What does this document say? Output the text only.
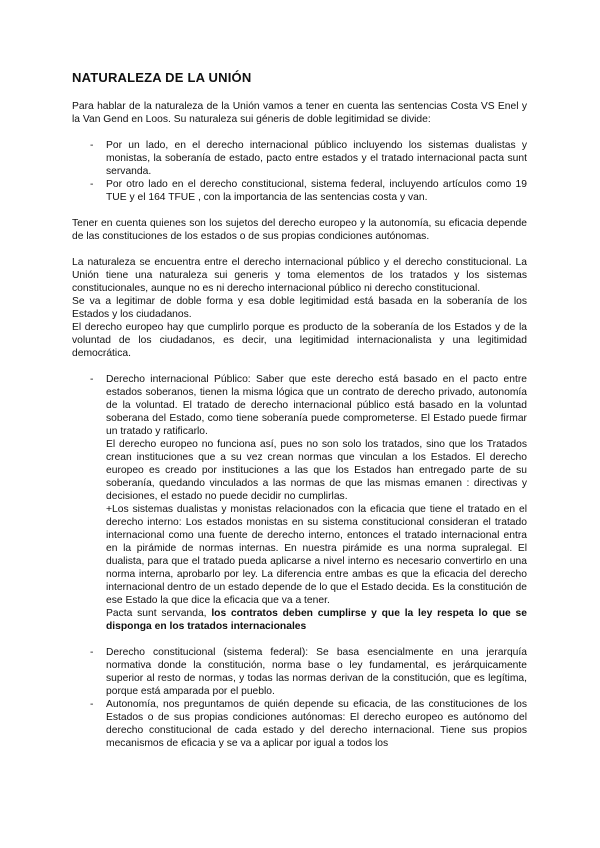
NATURALEZA DE LA UNIÓN

Para hablar de la naturaleza de la Unión vamos a tener en cuenta las sentencias Costa VS Enel y la Van Gend en Loos. Su naturaleza sui géneris de doble legitimidad se divide:

- Por un lado, en el derecho internacional público incluyendo los sistemas dualistas y monistas, la soberanía de estado, pacto entre estados y el tratado internacional pacta sunt servanda.
- Por otro lado en el derecho constitucional, sistema federal, incluyendo artículos como 19 TUE y el 164 TFUE , con la importancia de las sentencias costa y van.

Tener en cuenta quienes son los sujetos del derecho europeo y la autonomía, su eficacia depende de las constituciones de los estados o de sus propias condiciones autónomas.

La naturaleza se encuentra entre el derecho internacional público y el derecho constitucional. La Unión tiene una naturaleza sui generis y toma elementos de los tratados y los sistemas constitucionales, aunque no es ni derecho internacional público ni derecho constitucional.

Se va a legitimar de doble forma y esa doble legitimidad está basada en la soberanía de los Estados y los ciudadanos.

El derecho europeo hay que cumplirlo porque es producto de la soberanía de los Estados y de la voluntad de los ciudadanos, es decir, una legitimidad internacionalista y una legitimidad democrática.

- Derecho internacional Público: Saber que este derecho está basado en el pacto entre estados soberanos, tienen la misma lógica que un contrato de derecho privado, autonomía de la voluntad. El tratado de derecho internacional público está basado en la voluntad soberana del Estado, como tiene soberanía puede comprometerse. El Estado puede firmar un tratado y ratificarlo.

El derecho europeo no funciona así, pues no son solo los tratados, sino que los Tratados crean instituciones que a su vez crean normas que vinculan a los Estados. El derecho europeo es creado por instituciones a las que los Estados han entregado parte de su soberanía, quedando vinculados a las normas de que las mismas emanen : directivas y decisiones, el estado no puede decidir no cumplirlas.

+Los sistemas dualistas y monistas relacionados con la eficacia que tiene el tratado en el derecho interno: Los estados monistas en su sistema constitucional consideran el tratado internacional como una fuente de derecho interno, entonces el tratado internacional entra en la pirámide de normas internas. En nuestra pirámide es una norma supralegal. El dualista, para que el tratado pueda aplicarse a nivel interno es necesario convertirlo en una norma interna, aprobarlo por ley. La diferencia entre ambas es que la eficacia del derecho internacional dentro de un estado depende de lo que el Estado decida. Es la constitución de ese Estado la que dice la eficacia que va a tener.

Pacta sunt servanda, los contratos deben cumplirse y que la ley respeta lo que se disponga en los tratados internacionales

- Derecho constitucional (sistema federal): Se basa esencialmente en una jerarquía normativa donde la constitución, norma base o ley fundamental, es jerárquicamente superior al resto de normas, y todas las normas derivan de la constitución, que es legítima, porque está amparada por el pueblo.
- Autonomía, nos preguntamos de quién depende su eficacia, de las constituciones de los Estados o de sus propias condiciones autónomas: El derecho europeo es autónomo del derecho constitucional de cada estado y del derecho internacional. Tiene sus propios mecanismos de eficacia y se va a aplicar por igual a todos los
